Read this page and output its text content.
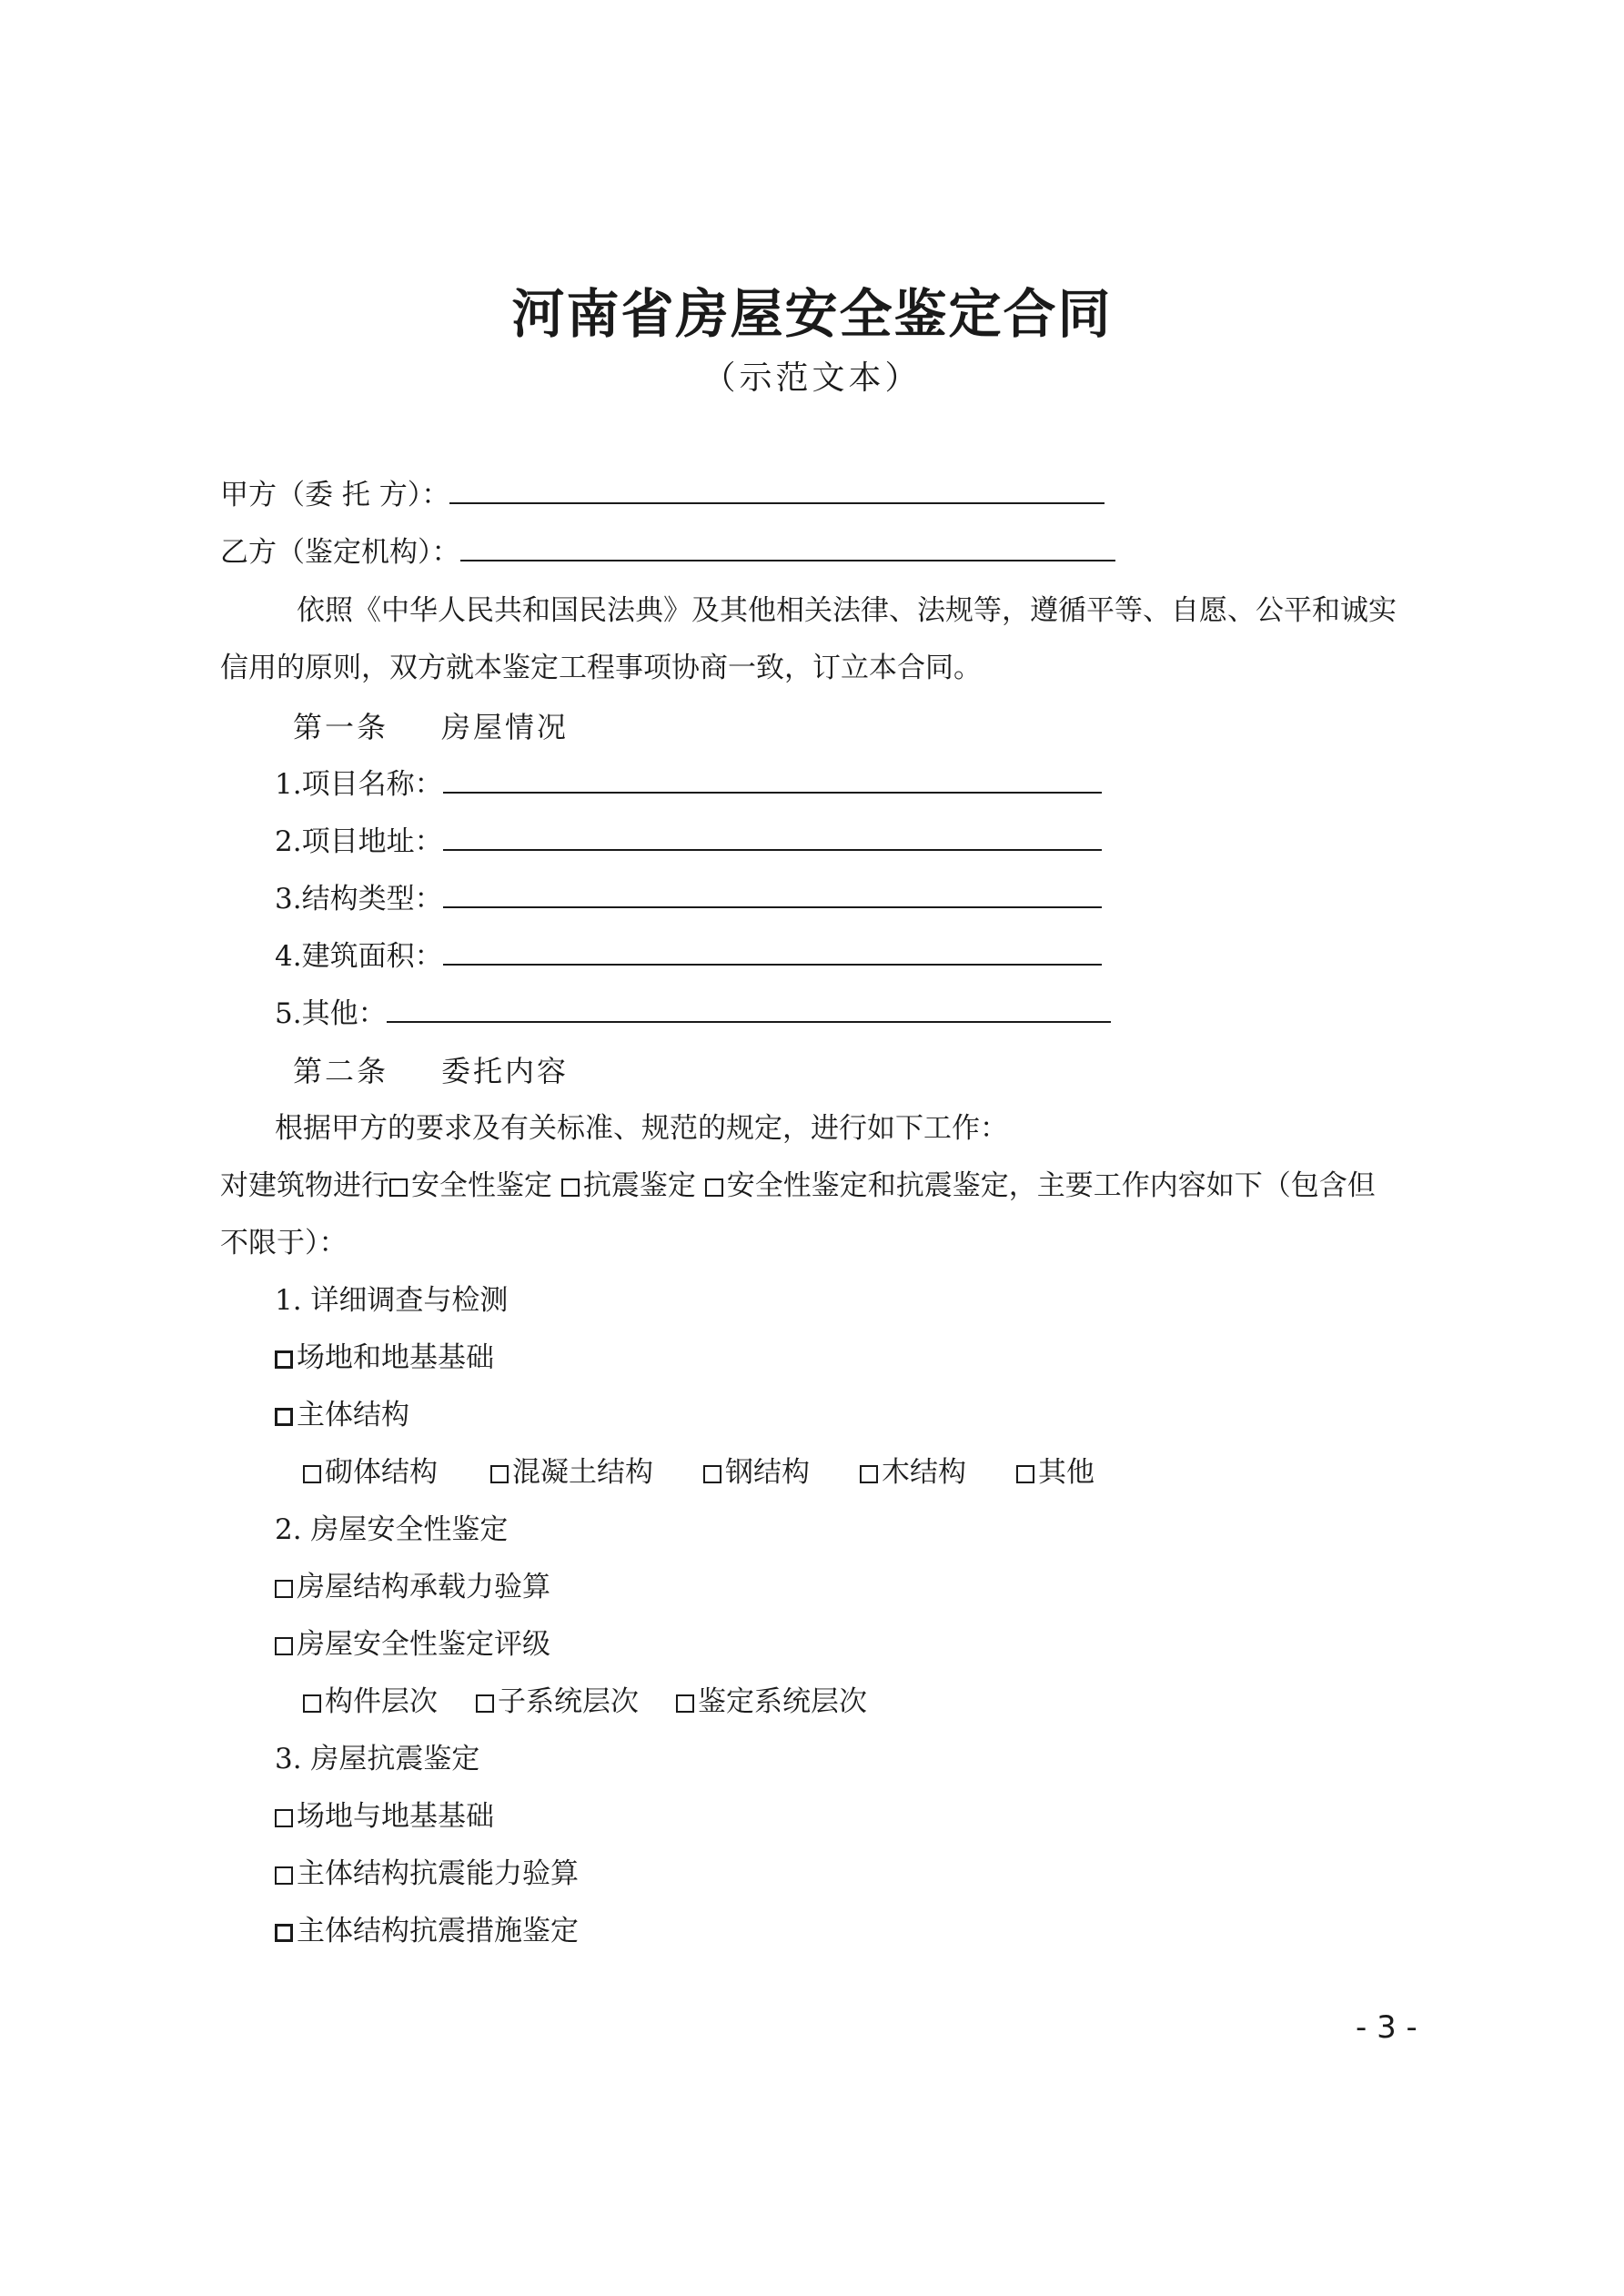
河南省房屋安全鉴定合同
（示范文本）
甲方（委 托 方）：
乙方（鉴定机构）：
依照《中华人民共和国民法典》及其他相关法律、法规等，遵循平等、自愿、公平和诚实信用的原则，双方就本鉴定工程事项协商一致，订立本合同。
第一条 房屋情况
1.项目名称：
2.项目地址：
3.结构类型：
4.建筑面积：
5.其他：
第二条 委托内容
根据甲方的要求及有关标准、规范的规定，进行如下工作：
对建筑物进行 安全性鉴定 抗震鉴定 安全性鉴定和抗震鉴定，主要工作内容如下（包含但
不限于）：
1. 详细调查与检测
场地和地基基础
主体结构
砌体结构	混凝土结构	钢结构	木结构	其他
2. 房屋安全性鉴定
房屋结构承载力验算
房屋安全性鉴定评级
构件层次 子系统层次 鉴定系统层次
3. 房屋抗震鉴定
场地与地基基础
主体结构抗震能力验算
主体结构抗震措施鉴定
- 3 -
